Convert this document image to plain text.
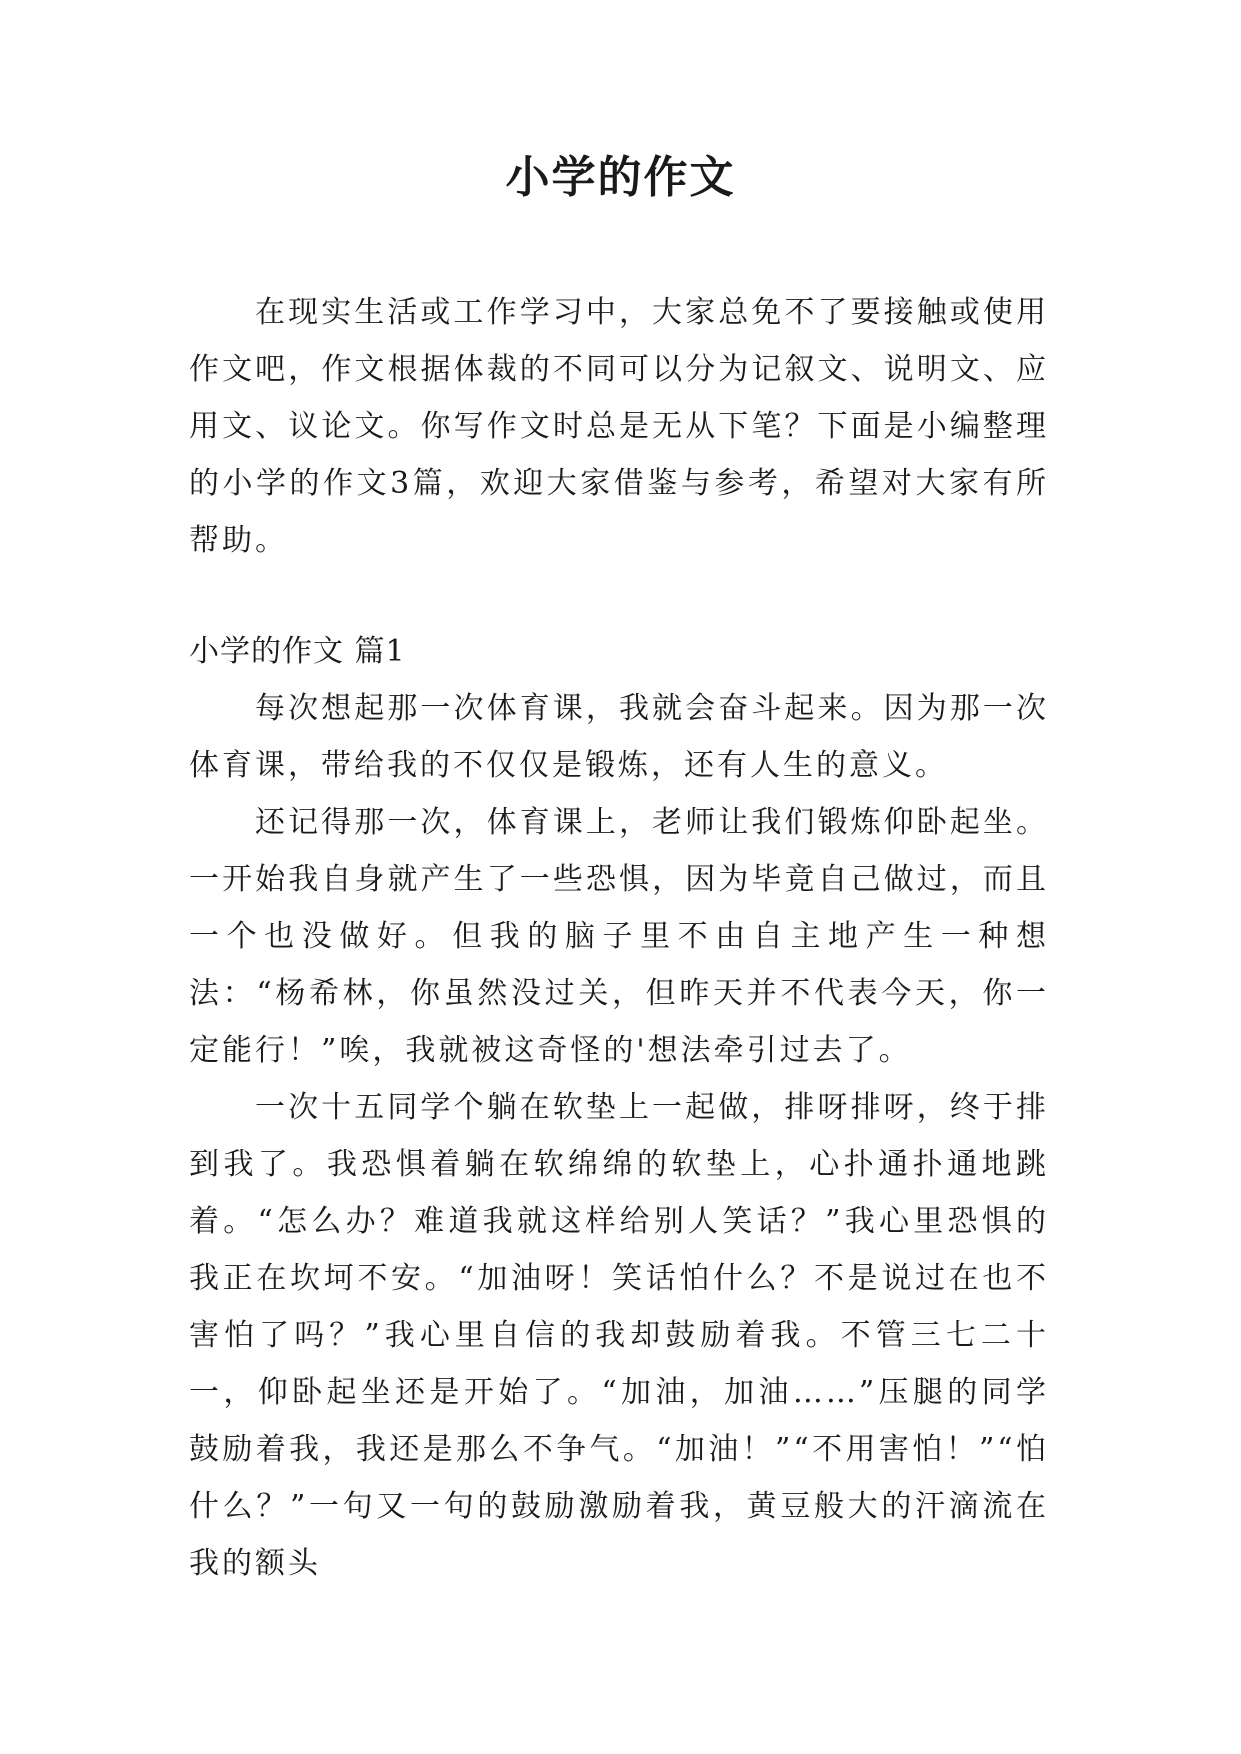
小学的作文

在现实生活或工作学习中，大家总免不了要接触或使用作文吧，作文根据体裁的不同可以分为记叙文、说明文、应用文、议论文。你写作文时总是无从下笔？下面是小编整理的小学的作文3篇，欢迎大家借鉴与参考，希望对大家有所帮助。

小学的作文 篇1

每次想起那一次体育课，我就会奋斗起来。因为那一次体育课，带给我的不仅仅是锻炼，还有人生的意义。

还记得那一次，体育课上，老师让我们锻炼仰卧起坐。一开始我自身就产生了一些恐惧，因为毕竟自己做过，而且一个也没做好。但我的脑子里不由自主地产生一种想法：“杨希林，你虽然没过关，但昨天并不代表今天，你一定能行！”唉，我就被这奇怪的'想法牵引过去了。

一次十五同学个躺在软垫上一起做，排呀排呀，终于排到我了。我恐惧着躺在软绵绵的软垫上，心扑通扑通地跳着。“怎么办？难道我就这样给别人笑话？”我心里恐惧的我正在坎坷不安。“加油呀！笑话怕什么？不是说过在也不害怕了吗？”我心里自信的我却鼓励着我。不管三七二十一，仰卧起坐还是开始了。“加油，加油……”压腿的同学鼓励着我，我还是那么不争气。“加油！”“不用害怕！”“怕什么？”一句又一句的鼓励激励着我，黄豆般大的汗滴流在我的额头
